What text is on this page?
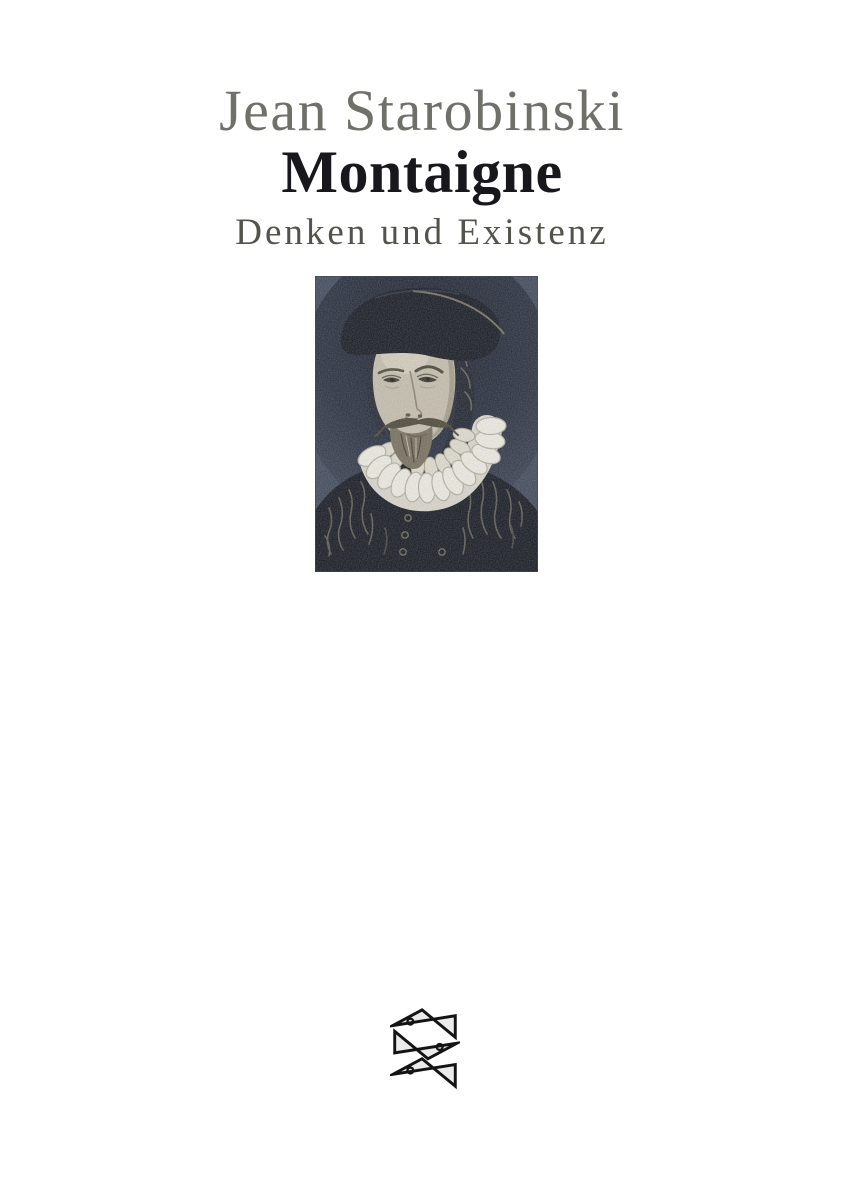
Jean Starobinski
Montaigne
Denken und Existenz
